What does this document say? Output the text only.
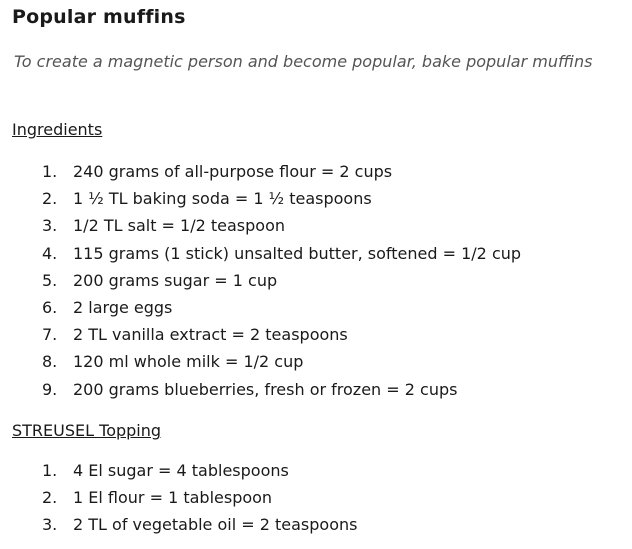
Popular muffins
To create a magnetic person and become popular, bake popular muffins
Ingredients
1. 240 grams of all-purpose flour = 2 cups
2. 1 ½ TL baking soda = 1 ½ teaspoons
3. 1/2 TL salt = 1/2 teaspoon
4. 115 grams (1 stick) unsalted butter, softened = 1/2 cup
5. 200 grams sugar = 1 cup
6. 2 large eggs
7. 2 TL vanilla extract = 2 teaspoons
8. 120 ml whole milk = 1/2 cup
9. 200 grams blueberries, fresh or frozen = 2 cups
STREUSEL Topping
1. 4 El sugar = 4 tablespoons
2. 1 El flour = 1 tablespoon
3. 2 TL of vegetable oil = 2 teaspoons
